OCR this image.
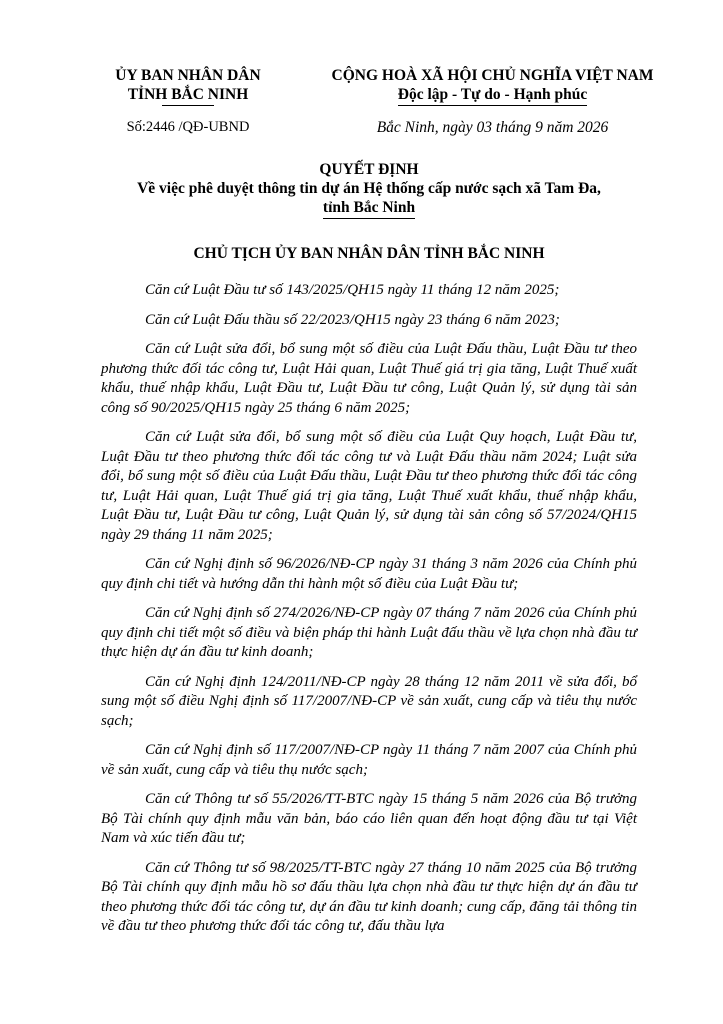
ỦY BAN NHÂN DÂN
TỈNH BẮC NINH
Số:2446 /QĐ-UBND
CỘNG HOÀ XÃ HỘI CHỦ NGHĨA VIỆT NAM
Độc lập - Tự do - Hạnh phúc
Bắc Ninh, ngày 03 tháng 9 năm 2026
QUYẾT ĐỊNH
Về việc phê duyệt thông tin dự án Hệ thống cấp nước sạch xã Tam Đa,
tỉnh Bắc Ninh
CHỦ TỊCH ỦY BAN NHÂN DÂN TỈNH BẮC NINH

Căn cứ Luật Đầu tư số 143/2025/QH15 ngày 11 tháng 12 năm 2025;

Căn cứ Luật Đấu thầu số 22/2023/QH15 ngày 23 tháng 6 năm 2023;

Căn cứ Luật sửa đổi, bổ sung một số điều của Luật Đấu thầu, Luật Đầu tư theo phương thức đối tác công tư, Luật Hải quan, Luật Thuế giá trị gia tăng, Luật Thuế xuất khẩu, thuế nhập khẩu, Luật Đầu tư, Luật Đầu tư công, Luật Quản lý, sử dụng tài sản công số 90/2025/QH15 ngày 25 tháng 6 năm 2025;

Căn cứ Luật sửa đổi, bổ sung một số điều của Luật Quy hoạch, Luật Đầu tư, Luật Đầu tư theo phương thức đối tác công tư và Luật Đấu thầu năm 2024; Luật sửa đổi, bổ sung một số điều của Luật Đấu thầu, Luật Đầu tư theo phương thức đối tác công tư, Luật Hải quan, Luật Thuế giá trị gia tăng, Luật Thuế xuất khẩu, thuế nhập khẩu, Luật Đầu tư, Luật Đầu tư công, Luật Quản lý, sử dụng tài sản công số 57/2024/QH15 ngày 29 tháng 11 năm 2025;

Căn cứ Nghị định số 96/2026/NĐ-CP ngày 31 tháng 3 năm 2026 của Chính phủ quy định chi tiết và hướng dẫn thi hành một số điều của Luật Đầu tư;

Căn cứ Nghị định số 274/2026/NĐ-CP ngày 07 tháng 7 năm 2026 của Chính phủ quy định chi tiết một số điều và biện pháp thi hành Luật đấu thầu về lựa chọn nhà đầu tư thực hiện dự án đầu tư kinh doanh;

Căn cứ Nghị định 124/2011/NĐ-CP ngày 28 tháng 12 năm 2011 về sửa đổi, bổ sung một số điều Nghị định số 117/2007/NĐ-CP về sản xuất, cung cấp và tiêu thụ nước sạch;

Căn cứ Nghị định số 117/2007/NĐ-CP ngày 11 tháng 7 năm 2007 của Chính phủ về sản xuất, cung cấp và tiêu thụ nước sạch;

Căn cứ Thông tư số 55/2026/TT-BTC ngày 15 tháng 5 năm 2026 của Bộ trưởng Bộ Tài chính quy định mẫu văn bản, báo cáo liên quan đến hoạt động đầu tư tại Việt Nam và xúc tiến đầu tư;

Căn cứ Thông tư số 98/2025/TT-BTC ngày 27 tháng 10 năm 2025 của Bộ trưởng Bộ Tài chính quy định mẫu hồ sơ đấu thầu lựa chọn nhà đầu tư thực hiện dự án đầu tư theo phương thức đối tác công tư, dự án đầu tư kinh doanh; cung cấp, đăng tải thông tin về đầu tư theo phương thức đối tác công tư, đấu thầu lựa
